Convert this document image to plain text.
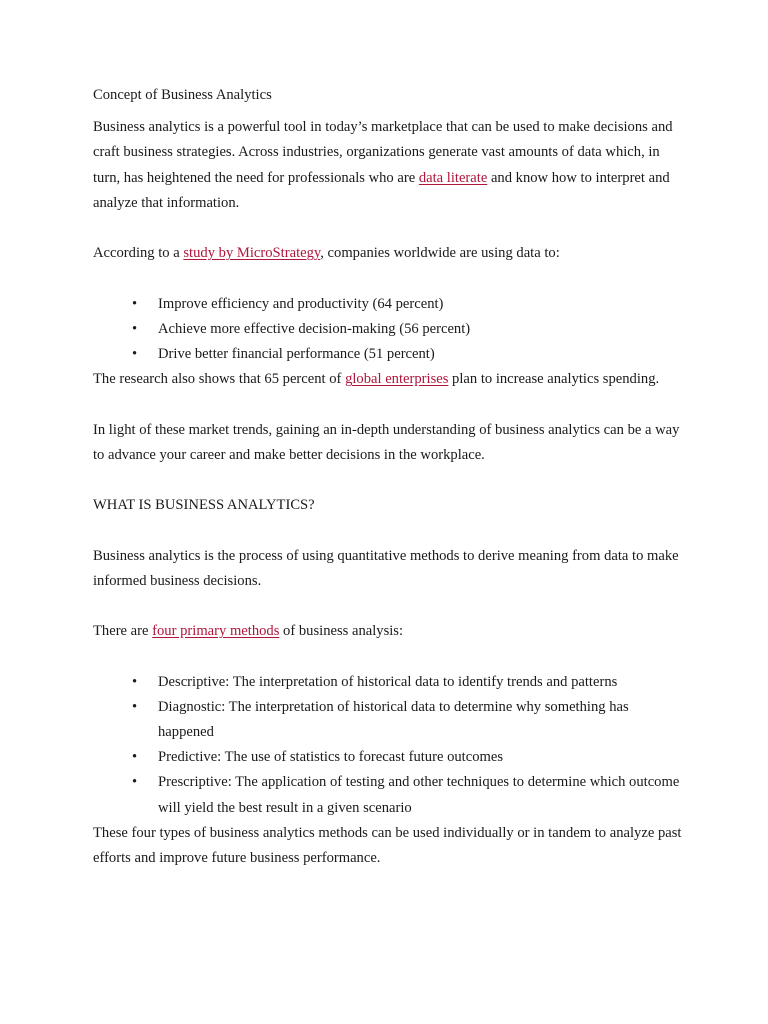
Concept of Business Analytics

Business analytics is a powerful tool in today’s marketplace that can be used to make decisions and craft business strategies. Across industries, organizations generate vast amounts of data which, in turn, has heightened the need for professionals who are data literate and know how to interpret and analyze that information.

According to a study by MicroStrategy, companies worldwide are using data to:

• Improve efficiency and productivity (64 percent)
• Achieve more effective decision-making (56 percent)
• Drive better financial performance (51 percent)

The research also shows that 65 percent of global enterprises plan to increase analytics spending.

In light of these market trends, gaining an in-depth understanding of business analytics can be a way to advance your career and make better decisions in the workplace.

WHAT IS BUSINESS ANALYTICS?

Business analytics is the process of using quantitative methods to derive meaning from data to make informed business decisions.

There are four primary methods of business analysis:

• Descriptive: The interpretation of historical data to identify trends and patterns
• Diagnostic: The interpretation of historical data to determine why something has happened
• Predictive: The use of statistics to forecast future outcomes
• Prescriptive: The application of testing and other techniques to determine which outcome will yield the best result in a given scenario

These four types of business analytics methods can be used individually or in tandem to analyze past efforts and improve future business performance.
